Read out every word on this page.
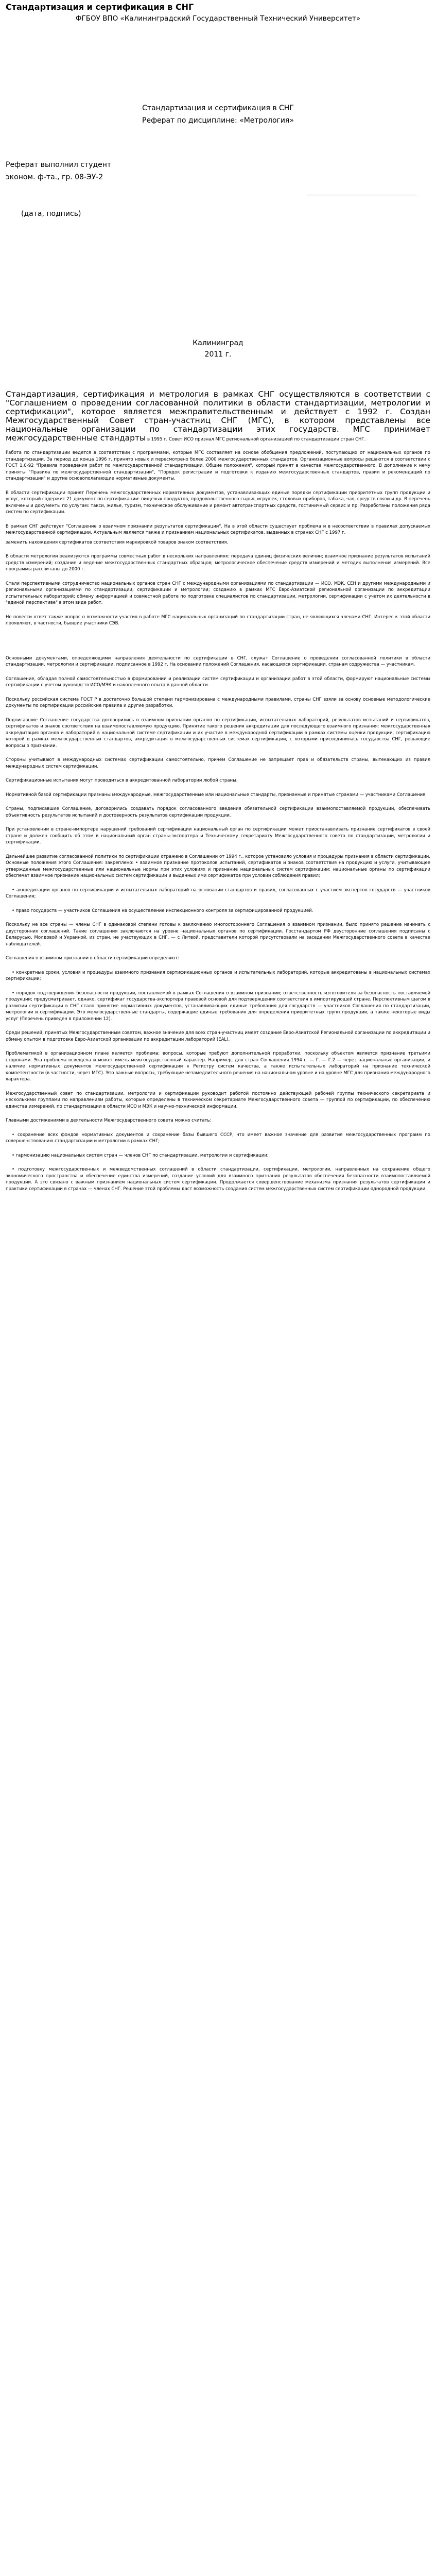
Стандартизация и сертификация в СНГ

ФГБОУ ВПО «Калининградский Государственный Технический Университет»

Стандартизация и сертификация в СНГ

Реферат по дисциплине: «Метрология»

Реферат выполнил студент

эконом. ф-та., гр. 08-ЭУ-2

(дата, подпись)

Калининград

2011 г.

Стандартизация, сертификация и метрология в рамках СНГ осуществляются в соответствии с "Соглашением о проведении согласованной политики в области стандартизации, метрологии и сертификации", которое является межправительственным и действует с 1992 г. Создан Межгосударственный Совет стран-участниц СНГ (МГС), в котором представлены все национальные организации по стандартизации этих государств. МГС принимает межгосударственные стандарты в 1995 г. Совет ИСО признал МГС региональной организацией по стандартизации стран СНГ.

Работа по стандартизации ведется в соответствии с программами, которые МГС составляет на основе обобщения предложений, поступающих от национальных органов по стандартизации. За период до конца 1996 г. принято новых и пересмотрено более 2000 межгосударственных стандартов. Организационные вопросы решаются в соответствии с ГОСТ 1.0-92 "Правила проведения работ по межгосударственной стандартизации. Общие положения", который принят в качестве межгосударственного. В дополнение к нему приняты "Правила по межгосударственной стандартизации", "Порядок регистрации и подготовки к изданию межгосударственных стандартов, правил и рекомендаций по стандартизации" и другие основополагающие нормативные документы.

В области сертификации принят Перечень межгосударственных нормативных документов, устанавливающих единые порядки сертификации приоритетных групп продукции и услуг, который содержит 21 документ по сертификации: пищевых продуктов, продовольственного сырья, игрушек, столовых приборов, табака, чая, средств связи и др. В перечень включены и документы по услугам: такси, жилье, туризм, техническое обслуживание и ремонт автотранспортных средств, гостиничный сервис и пр. Разработаны положения ряда систем по сертификации.

В рамках СНГ действует "Соглашение о взаимном признании результатов сертификации". На в этой области существует проблема и в несоответствии в правилах допускаемых межгосударственной сертификации. Актуальным является также и признанием национальных сертификатов, выданных в странах СНГ с 1997 г.

заменить нахождения сертификатов соответствия маркировкой товаров знаком соответствия.

В области метрологии реализуются программы совместных работ в нескольких направлениях: передача единиц физических величин; взаимное признание результатов испытаний средств измерений; создание и ведение межгосударственных стандартных образцов; метрологическое обеспечение средств измерений и методик выполнения измерений. Все программы рассчитаны до 2000 г.

Стали перспективными сотрудничество национальных органов стран СНГ с международными организациями по стандартизации — ИСО, МЭК, СЕН и другими международными и региональными организациями по стандартизации, сертификации и метрологии; созданию в рамках МГС Евро-Азиатской региональной организации по аккредитации испытательных лабораторий; обмену информацией и совместной работе по подготовке специалистов по стандартизации, метрологии, сертификации с учетом их деятельности в "единой перспективе" в этом виде работ.

Не повести ответ также вопрос о возможности участия в работе МГС национальных организаций по стандартизации стран, не являющихся членами СНГ. Интерес к этой области проявляют, в частности, бывшие участники СЭВ.

Основными документами, определяющими направления деятельности по сертификации в СНГ, служат Соглашение о проведении согласованной политики в области стандартизации, метрологии и сертификации, подписанное в 1992 г. На основании положений Соглашения, касающихся сертификации, странам содружества — участникам.

Соглашение, обладая полной самостоятельностью в формировании и реализации систем сертификации и организации работ в этой области, формируют национальные системы сертификации с учетом руководств ИСО/МЭК и накопленного опыта в данной области.

Поскольку российская система ГОСТ Р в достаточно большой степени гармонизирована с международными правилами, страны СНГ взяли за основу основные методологические документы по сертификации российские правила и другие разработки.

Подписавшие Соглашение государства договорились о взаимном признании органов по сертификации, испытательных лабораторий, результатов испытаний и сертификатов, сертификатов и знаков соответствия на взаимопоставляемую продукцию. Принятие такого решения аккредитации для последующего взаимного признания: межгосударственная аккредитация органов и лабораторий в национальной системе сертификации и их участие в международной сертификации в рамках системы оценки продукции, сертификацию которой в рамках межгосударственных стандартов, аккредитация в межгосударственных системах сертификации, с которыми присоединилась государства СНГ, решающие вопросы о признании.

Стороны учитывают в международных системах сертификации самостоятельно, причем Соглашение не запрещает прав и обязательств страны, вытекающих из правил международных систем сертификации.

Сертификационные испытания могут проводиться в аккредитованной лаборатории любой страны.

Нормативной базой сертификации признаны международные, межгосударственные или национальные стандарты, признанные и принятые странами — участниками Соглашения.

Страны, подписавшие Соглашение, договорились создавать порядок согласованного введения обязательной сертификации взаимопоставляемой продукции, обеспечивать объективность результатов испытаний и достоверность результатов сертификации продукции.

При установлении в стране-импортере нарушений требований сертификации национальный орган по сертификации может приостанавливать признание сертификатов в своей стране и должен сообщить об этом в национальный орган страны-экспортера и Техническому секретариату Межгосударственного совета по стандартизации, метрологии и сертификации.

Дальнейшее развитие согласованной политики по сертификации отражено в Соглашении от 1994 г., которое установило условия и процедуры признания в области сертификации. Основные положения этого Соглашения: закреплено: • взаимное признание протоколов испытаний, сертификатов и знаков соответствия на продукцию и услуги, учитывающее утвержденные межгосударственные или национальные нормы при этих условиях и признание национальных систем сертификации; национальные органы по сертификации обеспечат взаимное признание национальных систем сертификации и выданных ими сертификатов при условии соблюдения правил;

• аккредитации органов по сертификации и испытательных лабораторий на основании стандартов и правил, согласованных с участием экспертов государств — участников Соглашения;

• право государств — участников Соглашения на осуществление инспекционного контроля за сертифицированной продукцией.

Поскольку не все страны — члены СНГ в одинаковой степени готовы к заключению многостороннего Соглашения о взаимном признании, было принято решение начинать с двусторонних соглашений. Такие соглашения заключаются на уровне национальных органов по сертификации. Госстандартом РФ двусторонние соглашения подписаны с Беларусью, Молдовой и Украиной, из стран, не участвующих в СНГ, — с Литвой, представители которой присутствовали на заседании Межгосударственного совета в качестве наблюдателей.

Соглашения о взаимном признании в области сертификации определяют:

• конкретные сроки, условия и процедуры взаимного признания сертификационных органов и испытательных лабораторий, которые аккредитованы в национальных системах сертификации;

• порядок подтверждения безопасности продукции, поставляемой в рамках Соглашения о взаимном признании; ответственность изготовителя за безопасность поставляемой продукции; предусматривает, однако, сертификат государства-экспортера правовой основой для подтверждения соответствия в импортирующей стране. Перспективным шагом в развитии сертификации в СНГ стало принятие нормативных документов, устанавливающих единые требования для государств — участников Соглашения по стандартизации, метрологии и сертификации. Это межгосударственные стандарты, содержащие единые требования для определения приоритетных групп продукции, а также некоторые виды услуг (Перечень приведен в приложении 12).

Среди решений, принятых Межгосударственным советом, важное значение для всех стран-участниц имеет создание Евро-Азиатской Региональной организации по аккредитации и обмену опытом в подготовке Евро-Азиатской организации по аккредитации лабораторий (EAL).

Проблематикой в организационном плане является проблема: вопросы, которые требуют дополнительной проработки, поскольку объектом является признание третьими сторонами. Эта проблема освещена и может иметь межгосударственный характер. Например, для стран Соглашения 1994 г. — Г. — Г.2 — через национальные организации, и наличие нормативных документов межгосударственной сертификации к Регистру систем качества, а также испытательных лабораторий на признание технической компетентности (в частности, через МГС). Это важные вопросы, требующие незамедлительного решения на национальном уровне и на уровне МГС для признания международного характера.

Межгосударственный совет по стандартизации, метрологии и сертификации руководит работой постоянно действующей рабочей группы технического секретариата и несколькими группами по направлениям работы, которые определены в техническом секретариате Межгосударственного совета — группой по сертификации, по обеспечению единства измерений, по стандартизации в области ИСО и МЭК и научно-технической информации.

Главными достижениями в деятельности Межгосударственного совета можно считать:

• сохранение всех фондов нормативных документов и сохранение базы бывшего СССР, что имеет важное значение для развития межгосударственных программ по совершенствованию стандартизации и метрологии в рамках СНГ;

• гармонизацию национальных систем стран — членов СНГ по стандартизации, метрологии и сертификации;

• подготовку межгосударственных и межведомственных соглашений в области стандартизации, сертификации, метрологии, направленных на сохранение общего экономического пространства и обеспечение единства измерений, создание условий для взаимного признания результатов обеспечения безопасности взаимопоставляемой продукции. А это связано с важным признанием национальных систем сертификации. Продолжается совершенствование механизма признания результатов сертификации и практики сертификации в странах — членах СНГ. Решение этой проблемы даст возможность создания систем межгосударственных систем сертификации однородной продукции.
